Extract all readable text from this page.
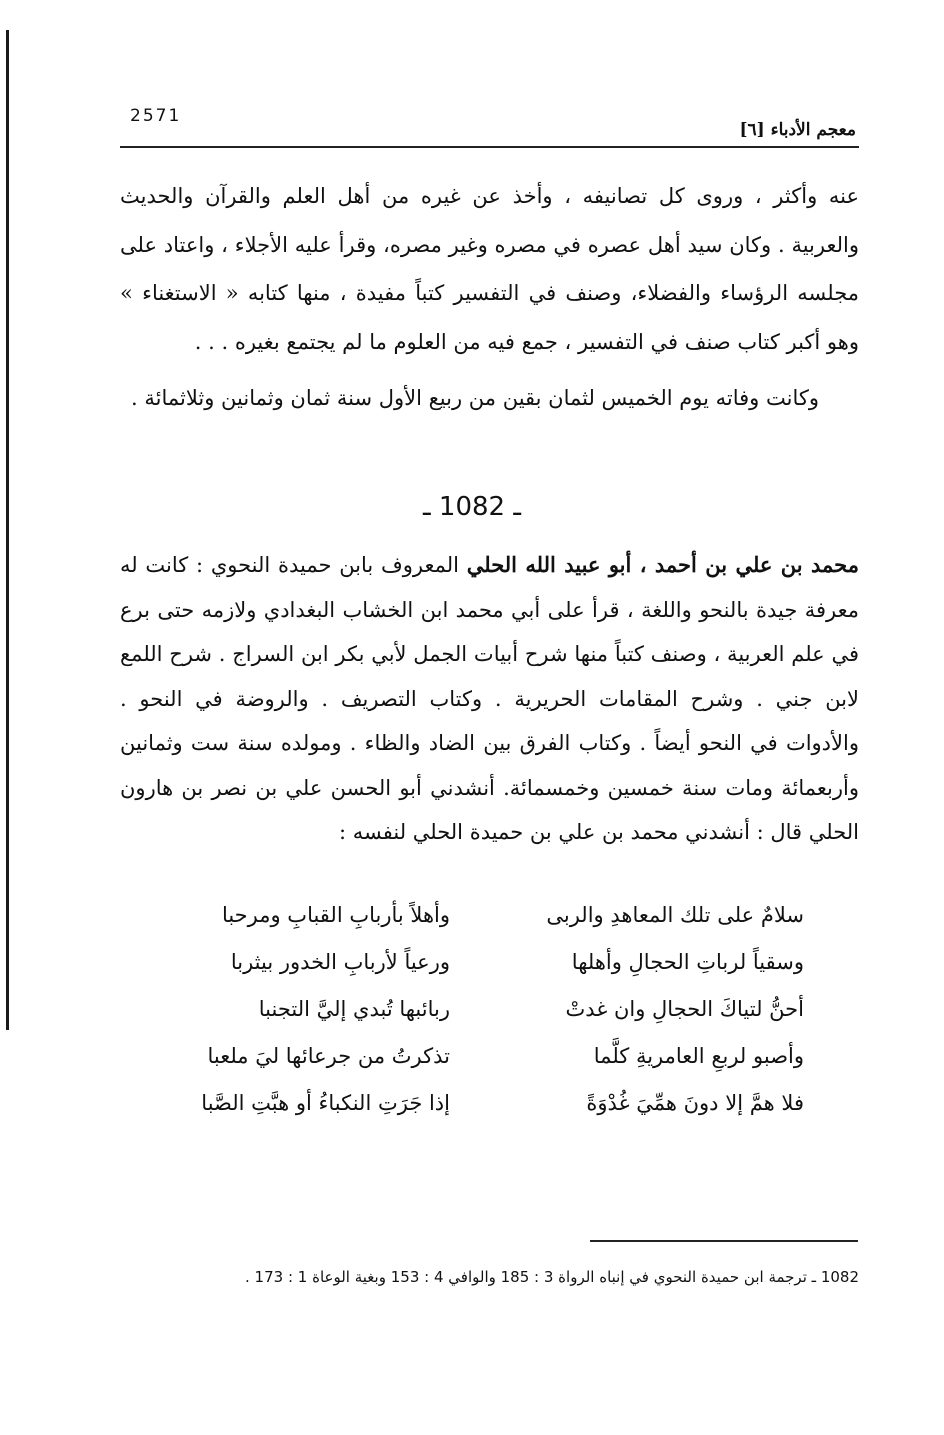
2571
معجم الأدباء [٦]

عنه وأكثر ، وروى كل تصانيفه ، وأخذ عن غيره من أهل العلم والقرآن والحديث والعربية . وكان سيد أهل عصره في مصره وغير مصره، وقرأ عليه الأجلاء ، واعتاد على مجلسه الرؤساء والفضلاء، وصنف في التفسير كتباً مفيدة ، منها كتابه « الاستغناء » وهو أكبر كتاب صنف في التفسير ، جمع فيه من العلوم ما لم يجتمع بغيره . . .

وكانت وفاته يوم الخميس لثمان بقين من ربيع الأول سنة ثمان وثمانين وثلاثمائة .

ـ 1082 ـ

محمد بن علي بن أحمد ، أبو عبيد الله الحلي المعروف بابن حميدة النحوي : كانت له معرفة جيدة بالنحو واللغة ، قرأ على أبي محمد ابن الخشاب البغدادي ولازمه حتى برع في علم العربية ، وصنف كتباً منها شرح أبيات الجمل لأبي بكر ابن السراج . شرح اللمع لابن جني . وشرح المقامات الحريرية . وكتاب التصريف . والروضة في النحو . والأدوات في النحو أيضاً . وكتاب الفرق بين الضاد والظاء . ومولده سنة ست وثمانين وأربعمائة ومات سنة خمسين وخمسمائة. أنشدني أبو الحسن علي بن نصر بن هارون الحلي قال : أنشدني محمد بن علي بن حميدة الحلي لنفسه :

سلامٌ على تلك المعاهدِ والربى
وأهلاً بأربابِ القبابِ ومرحبا
وسقياً لرباتِ الحجالِ وأهلها
ورعياً لأربابِ الخدور بيثربا
أحنُّ لتياكَ الحجالِ وان غدتْ
ربائبها تُبدي إليَّ التجنبا
وأصبو لربعِ العامريةِ كلَّما
تذكرتُ من جرعائها ليَ ملعبا
فلا همَّ إلا دونَ همِّيَ غُدْوَةً
إذا جَرَتِ النكباءُ أو هبَّتِ الصَّبا
1082 ـ ترجمة ابن حميدة النحوي في إنباه الرواة 3 : 185 والوافي 4 : 153 وبغية الوعاة 1 : 173 .
